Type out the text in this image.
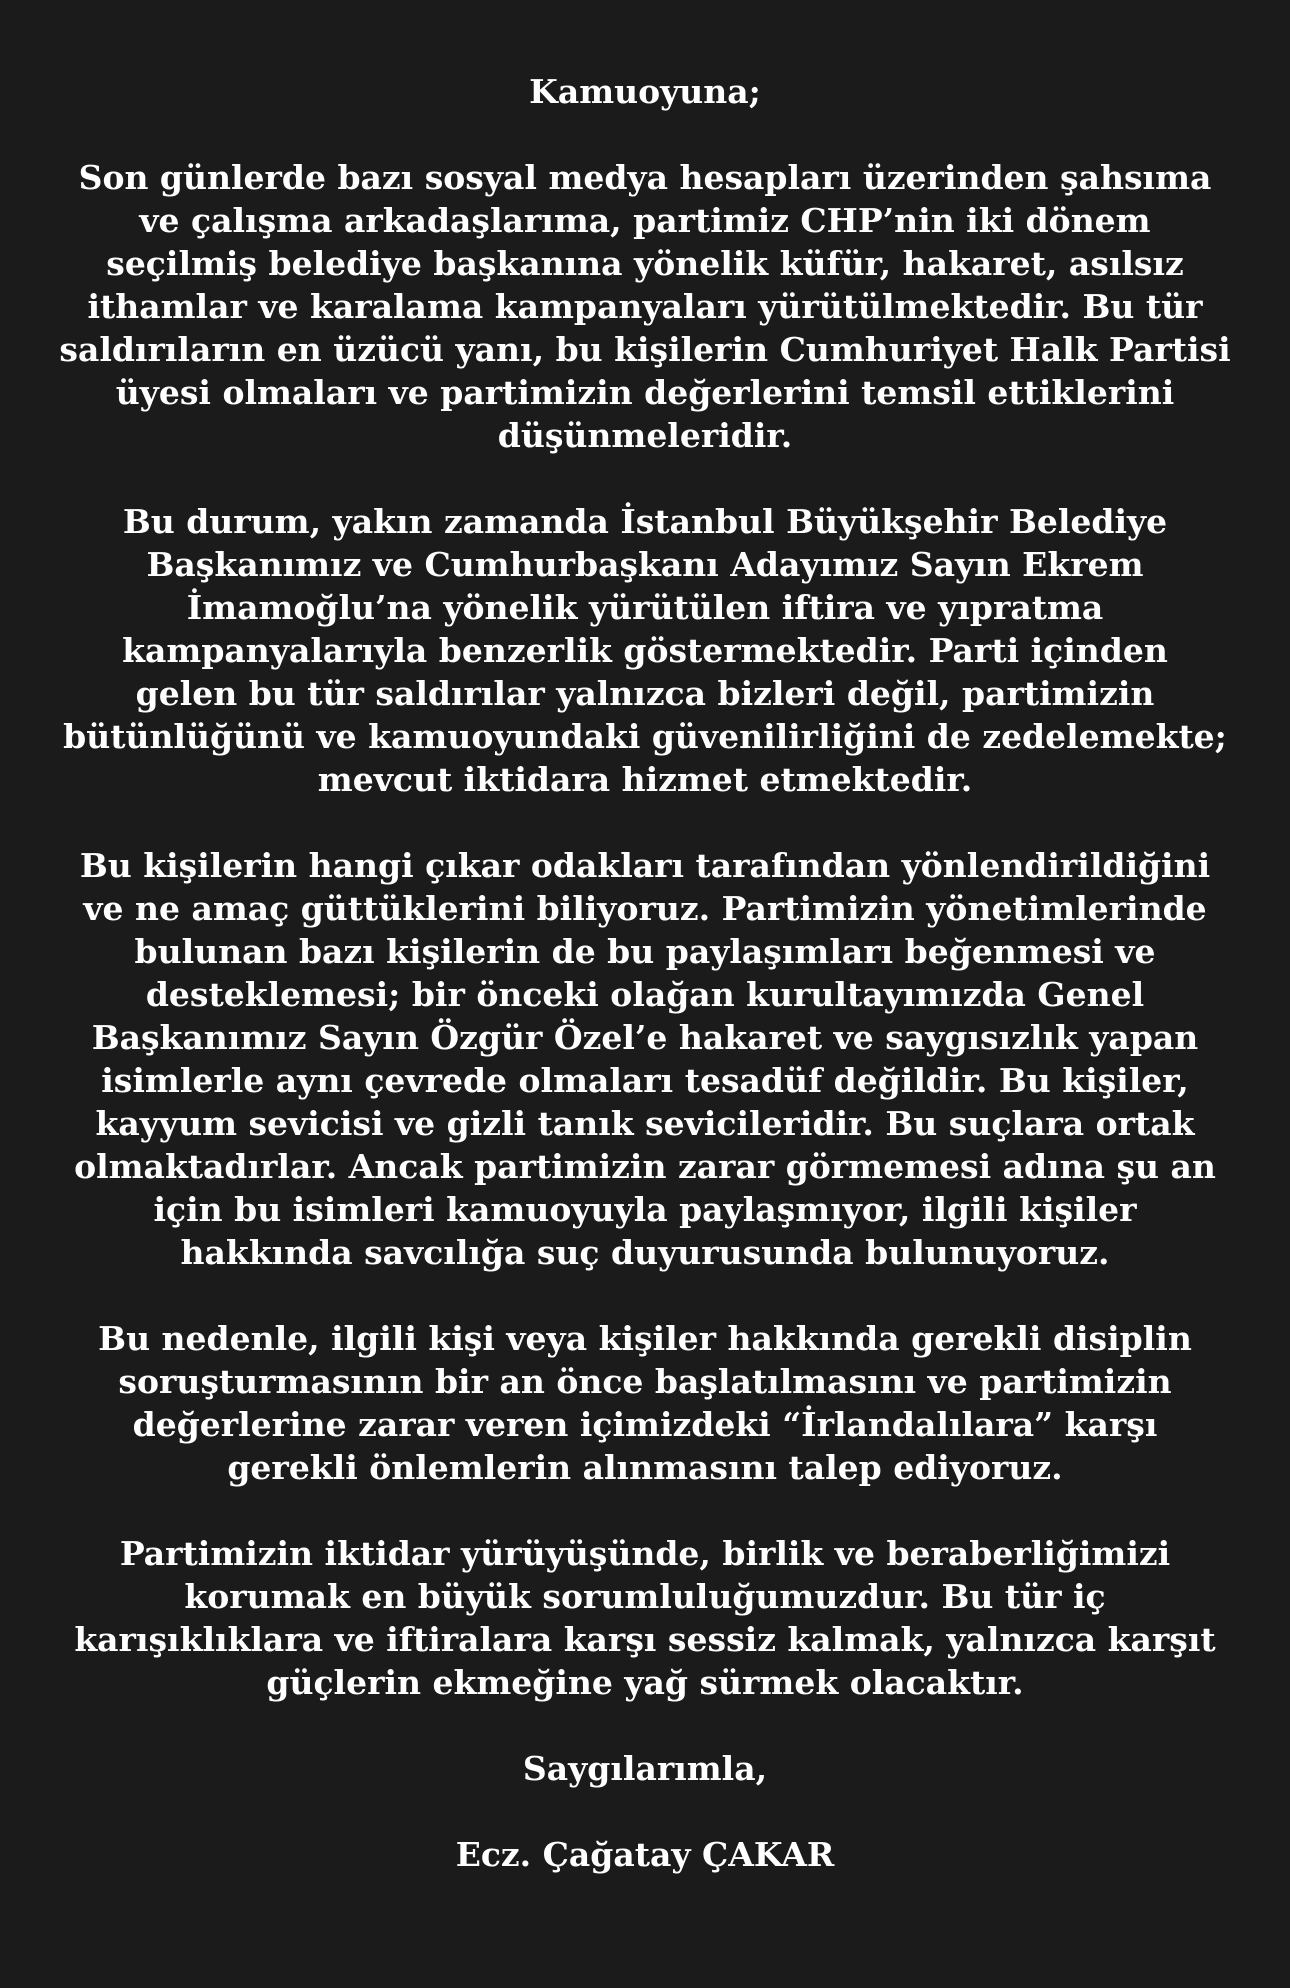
Kamuoyuna;
Son günlerde bazı sosyal medya hesapları üzerinden şahsıma
ve çalışma arkadaşlarıma, partimiz CHP’nin iki dönem
seçilmiş belediye başkanına yönelik küfür, hakaret, asılsız
ithamlar ve karalama kampanyaları yürütülmektedir. Bu tür
saldırıların en üzücü yanı, bu kişilerin Cumhuriyet Halk Partisi
üyesi olmaları ve partimizin değerlerini temsil ettiklerini
düşünmeleridir.
Bu durum, yakın zamanda İstanbul Büyükşehir Belediye
Başkanımız ve Cumhurbaşkanı Adayımız Sayın Ekrem
İmamoğlu’na yönelik yürütülen iftira ve yıpratma
kampanyalarıyla benzerlik göstermektedir. Parti içinden
gelen bu tür saldırılar yalnızca bizleri değil, partimizin
bütünlüğünü ve kamuoyundaki güvenilirliğini de zedelemekte;
mevcut iktidara hizmet etmektedir.
Bu kişilerin hangi çıkar odakları tarafından yönlendirildiğini
ve ne amaç güttüklerini biliyoruz. Partimizin yönetimlerinde
bulunan bazı kişilerin de bu paylaşımları beğenmesi ve
desteklemesi; bir önceki olağan kurultayımızda Genel
Başkanımız Sayın Özgür Özel’e hakaret ve saygısızlık yapan
isimlerle aynı çevrede olmaları tesadüf değildir. Bu kişiler,
kayyum sevicisi ve gizli tanık sevicileridir. Bu suçlara ortak
olmaktadırlar. Ancak partimizin zarar görmemesi adına şu an
için bu isimleri kamuoyuyla paylaşmıyor, ilgili kişiler
hakkında savcılığa suç duyurusunda bulunuyoruz.
Bu nedenle, ilgili kişi veya kişiler hakkında gerekli disiplin
soruşturmasının bir an önce başlatılmasını ve partimizin
değerlerine zarar veren içimizdeki “İrlandalılara” karşı
gerekli önlemlerin alınmasını talep ediyoruz.
Partimizin iktidar yürüyüşünde, birlik ve beraberliğimizi
korumak en büyük sorumluluğumuzdur. Bu tür iç
karışıklıklara ve iftiralara karşı sessiz kalmak, yalnızca karşıt
güçlerin ekmeğine yağ sürmek olacaktır.
Saygılarımla,
Ecz. Çağatay ÇAKAR
